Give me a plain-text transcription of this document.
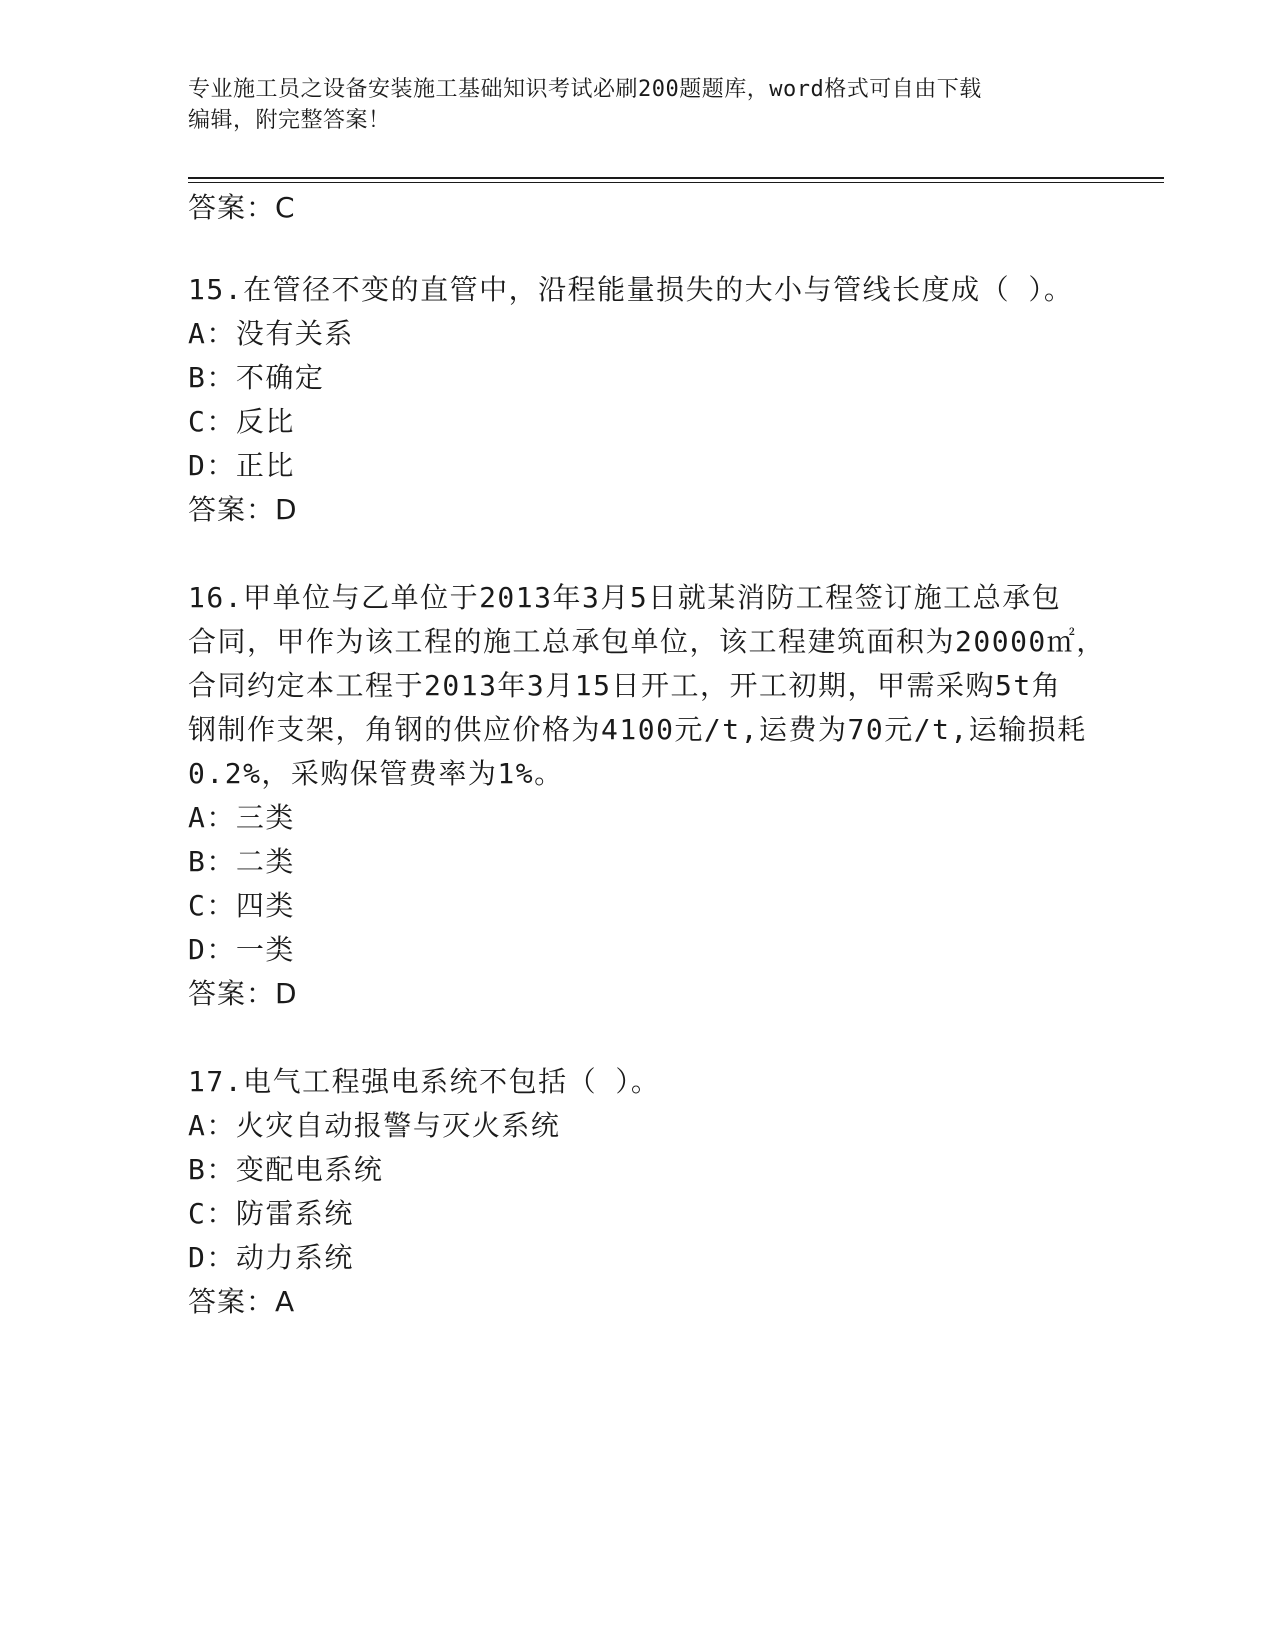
专业施工员之设备安装施工基础知识考试必刷200题题库，word格式可自由下载
编辑，附完整答案！
答案：C
15.在管径不变的直管中，沿程能量损失的大小与管线长度成（ ）。
A：没有关系
B：不确定
C：反比
D：正比
答案：D
16.甲单位与乙单位于2013年3月5日就某消防工程签订施工总承包
合同，甲作为该工程的施工总承包单位，该工程建筑面积为20000㎡，
合同约定本工程于2013年3月15日开工，开工初期，甲需采购5t角
钢制作支架，角钢的供应价格为4100元/t,运费为70元/t,运输损耗
0.2%，采购保管费率为1%。
A：三类
B：二类
C：四类
D：一类
答案：D
17.电气工程强电系统不包括（ ）。
A：火灾自动报警与灭火系统
B：变配电系统
C：防雷系统
D：动力系统
答案：A
